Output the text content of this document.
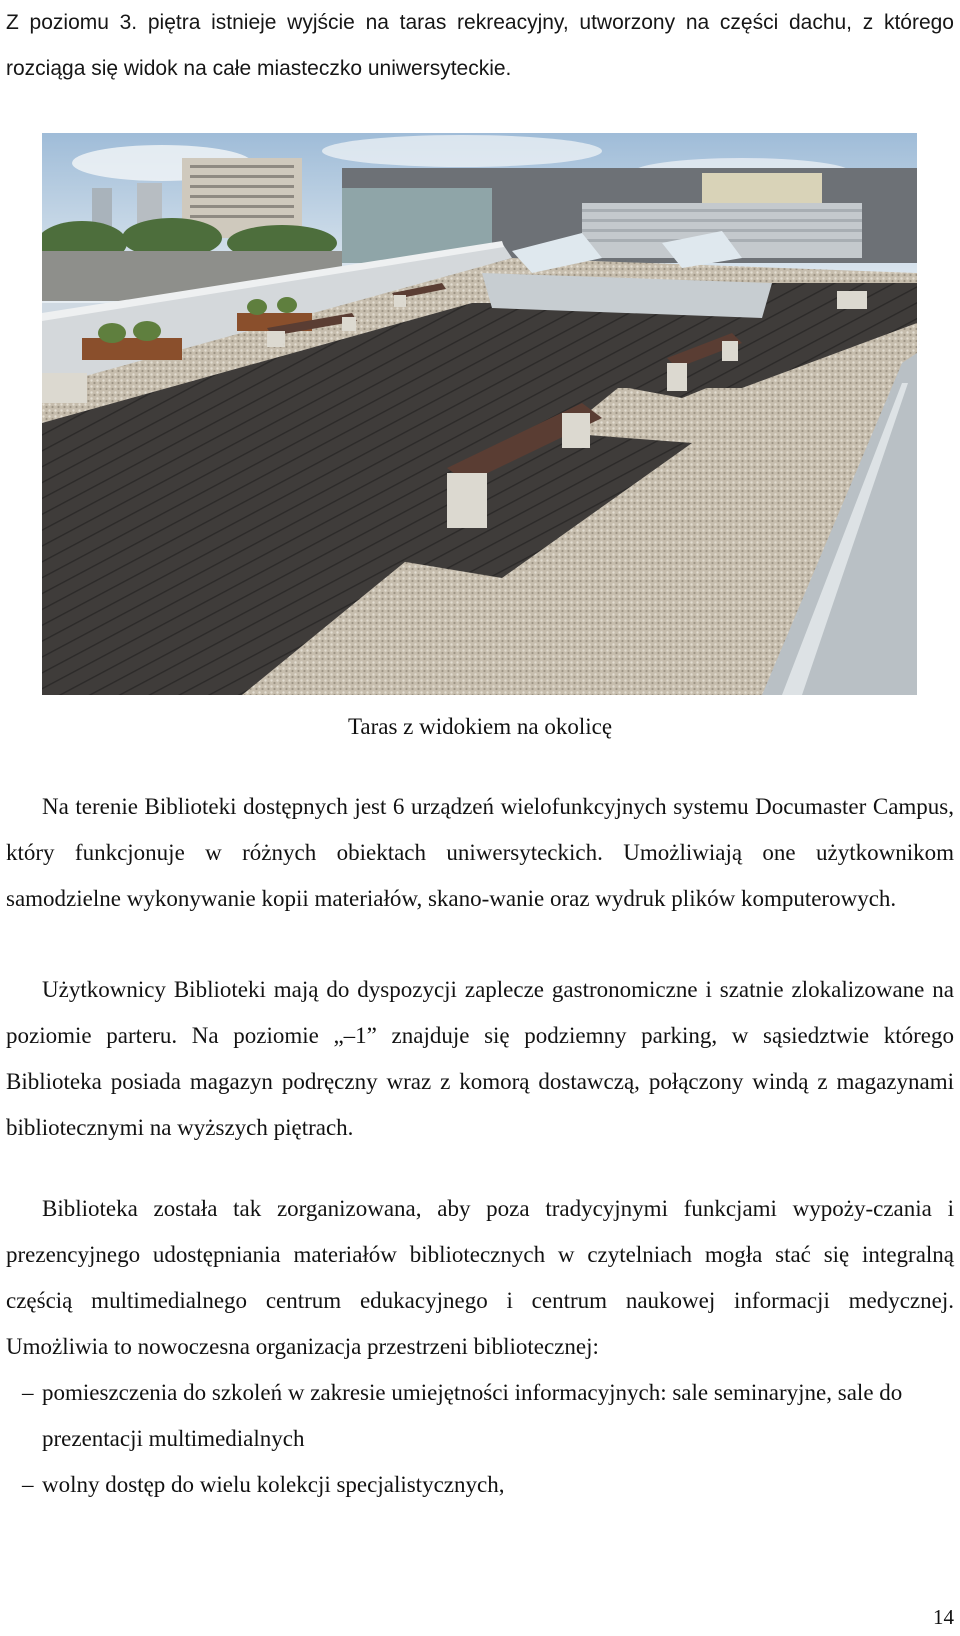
Z poziomu 3. piętra istnieje wyjście na taras rekreacyjny, utworzony na części dachu, z którego rozciąga się widok na całe miasteczko uniwersyteckie.

Taras z widokiem na okolicę

Na terenie Biblioteki dostępnych jest 6 urządzeń wielofunkcyjnych systemu Documaster Campus, który funkcjonuje w różnych obiektach uniwersyteckich. Umożliwiają one użytkownikom samodzielne wykonywanie kopii materiałów, skano-wanie oraz wydruk plików komputerowych.

Użytkownicy Biblioteki mają do dyspozycji zaplecze gastronomiczne i szatnie zlokalizowane na poziomie parteru. Na poziomie „–1” znajduje się podziemny parking, w sąsiedztwie którego Biblioteka posiada magazyn podręczny wraz z komorą dostawczą, połączony windą z magazynami bibliotecznymi na wyższych piętrach.

Biblioteka została tak zorganizowana, aby poza tradycyjnymi funkcjami wypoży-czania i prezencyjnego udostępniania materiałów bibliotecznych w czytelniach mogła stać się integralną częścią multimedialnego centrum edukacyjnego i centrum naukowej informacji medycznej. Umożliwia to nowoczesna organizacja przestrzeni bibliotecznej:

– pomieszczenia do szkoleń w zakresie umiejętności informacyjnych: sale seminaryjne, sale do prezentacji multimedialnych
– wolny dostęp do wielu kolekcji specjalistycznych,
14
